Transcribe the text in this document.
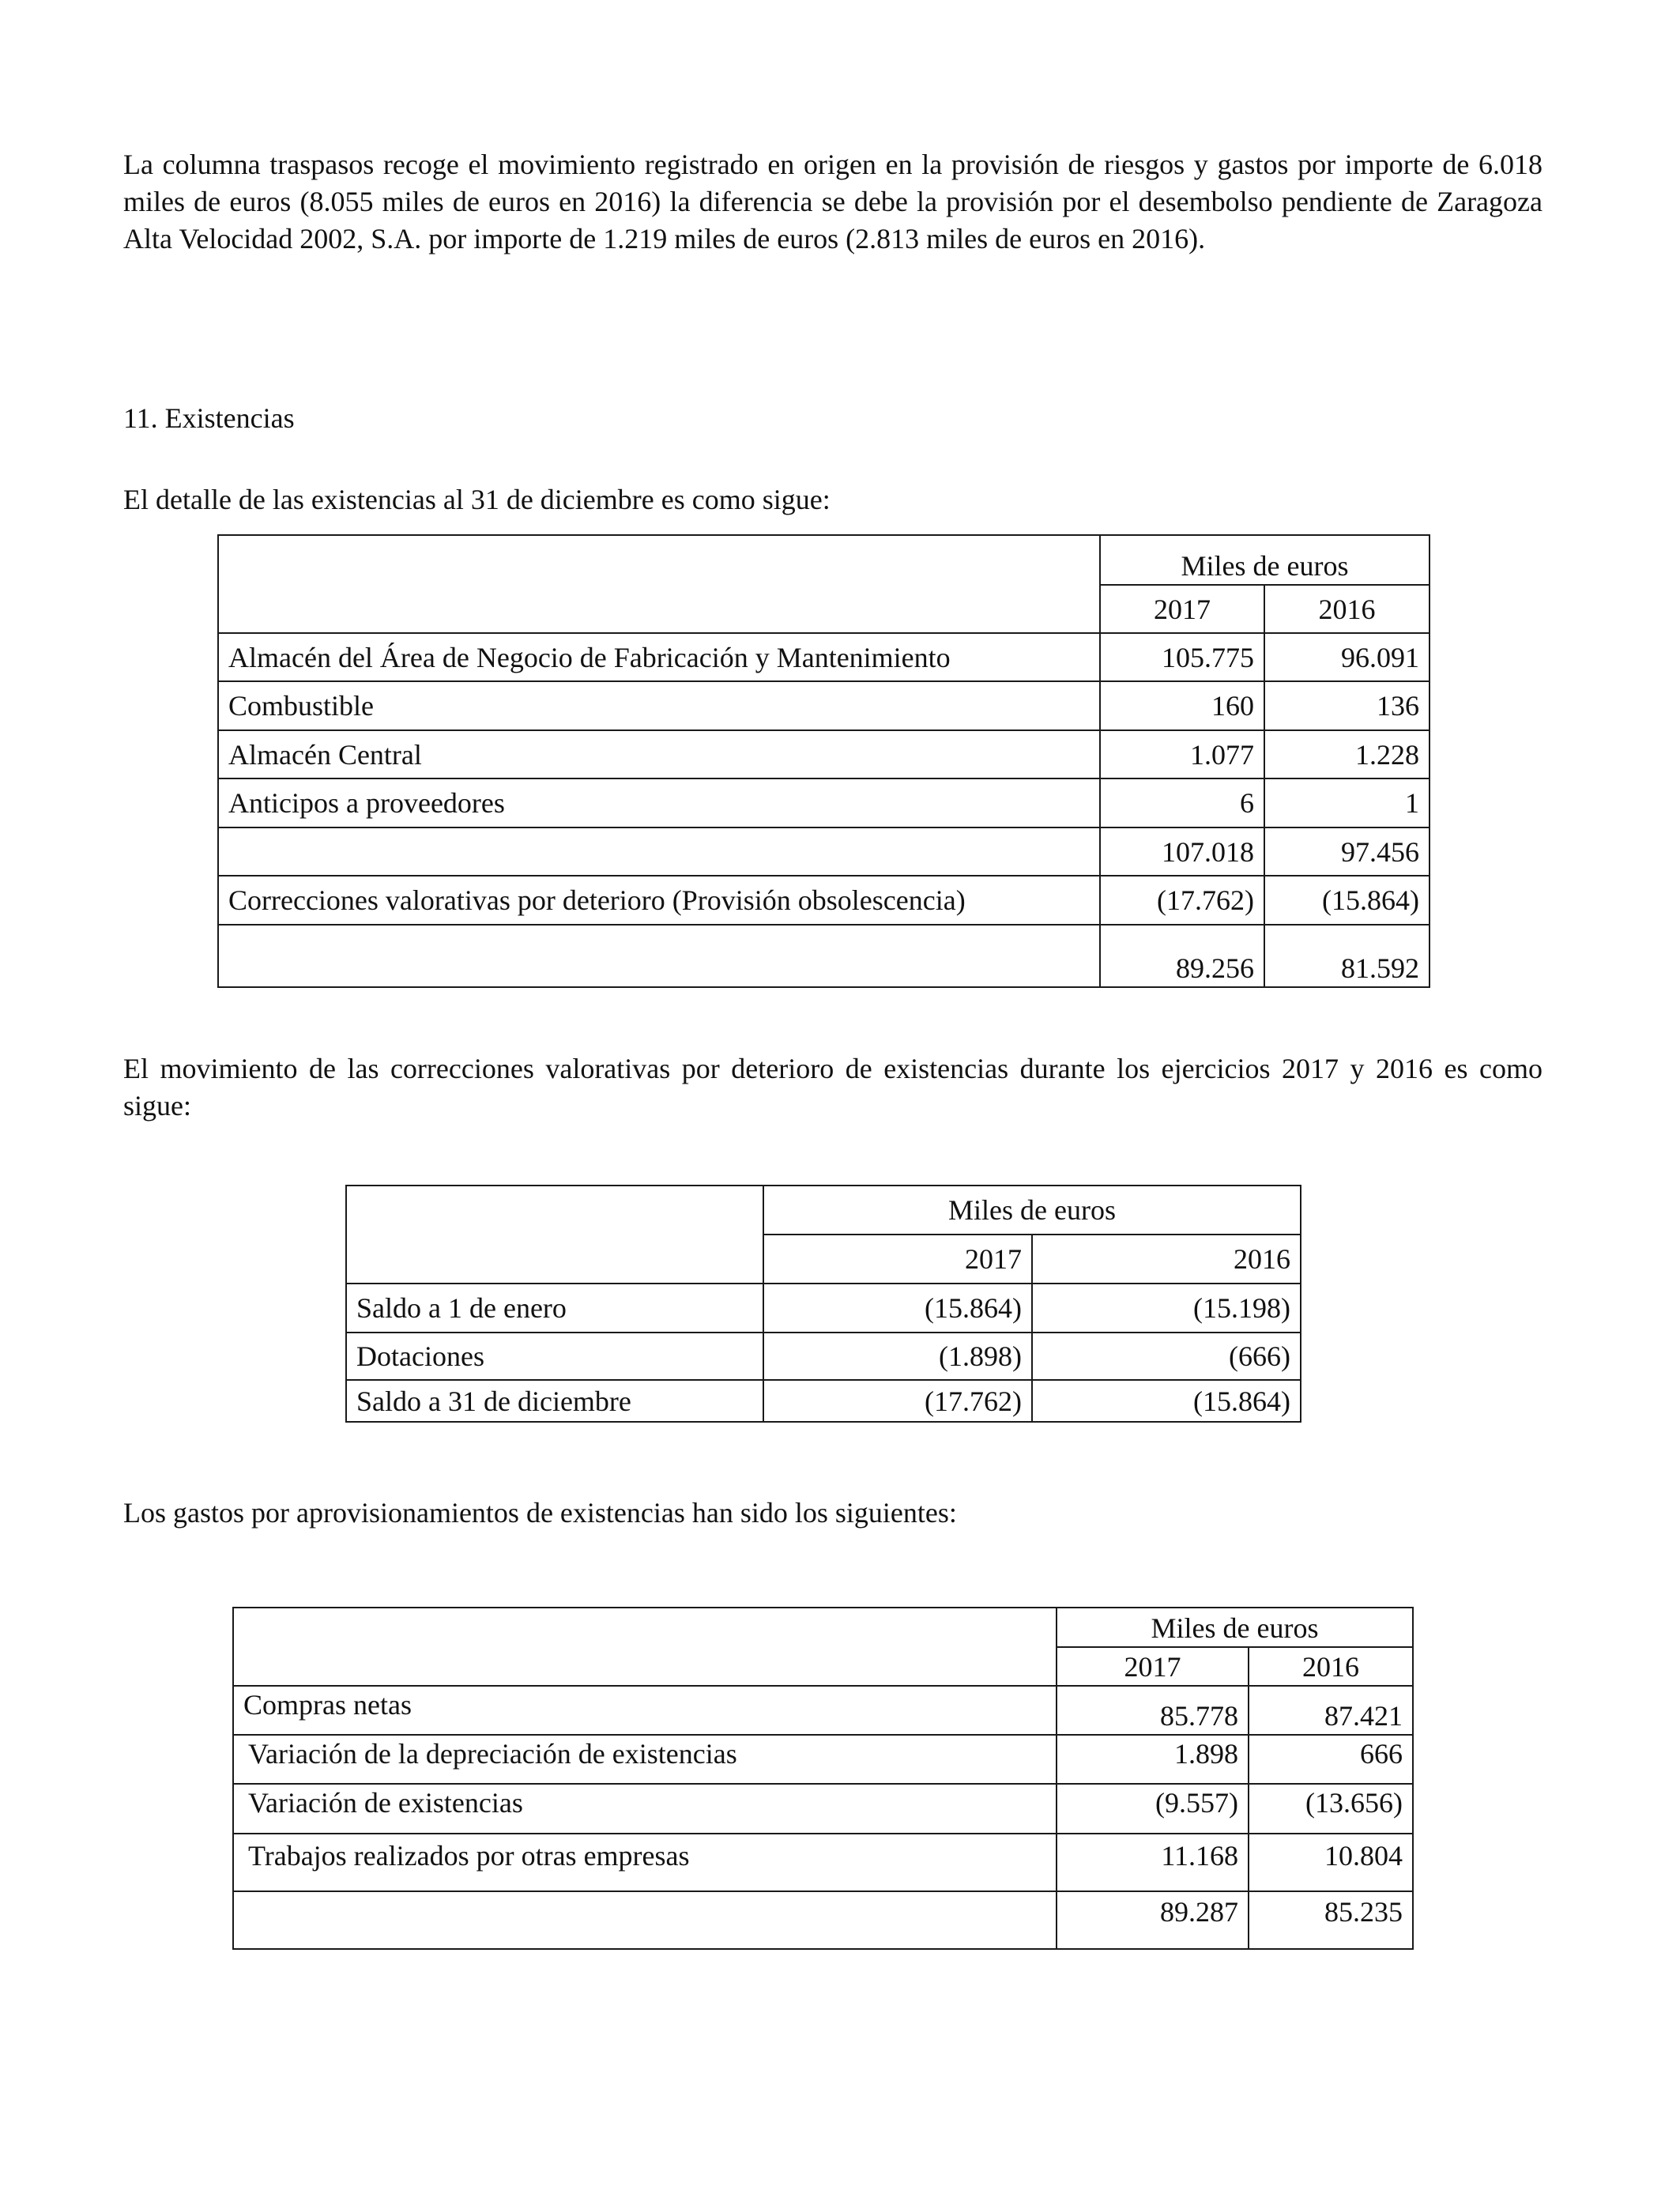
La columna traspasos recoge el movimiento registrado en origen en la provisión de riesgos y gastos por importe de 6.018 miles de euros (8.055 miles de euros en 2016) la diferencia se debe la provisión por el desembolso pendiente de Zaragoza Alta Velocidad 2002, S.A. por importe de 1.219 miles de euros (2.813 miles de euros en 2016).

11. Existencias

El detalle de las existencias al 31 de diciembre es como sigue:

	Miles de euros	
	2017	2016
Almacén del Área de Negocio de Fabricación y Mantenimiento	105.775	96.091
Combustible	160	136
Almacén Central	1.077	1.228
Anticipos a proveedores	6	1
	107.018	97.456
Correcciones valorativas por deterioro (Provisión obsolescencia)	(17.762)	(15.864)
	89.256	81.592

El movimiento de las correcciones valorativas por deterioro de existencias durante los ejercicios 2017 y 2016 es como sigue:

	Miles de euros	
	2017	2016
Saldo a 1 de enero	(15.864)	(15.198)
Dotaciones	(1.898)	(666)
Saldo a 31 de diciembre	(17.762)	(15.864)

Los gastos por aprovisionamientos de existencias han sido los siguientes:

	Miles de euros	
	2017	2016
Compras netas	85.778	87.421
Variación de la depreciación de existencias	1.898	666
Variación de existencias	(9.557)	(13.656)
Trabajos realizados por otras empresas	11.168	10.804
	89.287	85.235
